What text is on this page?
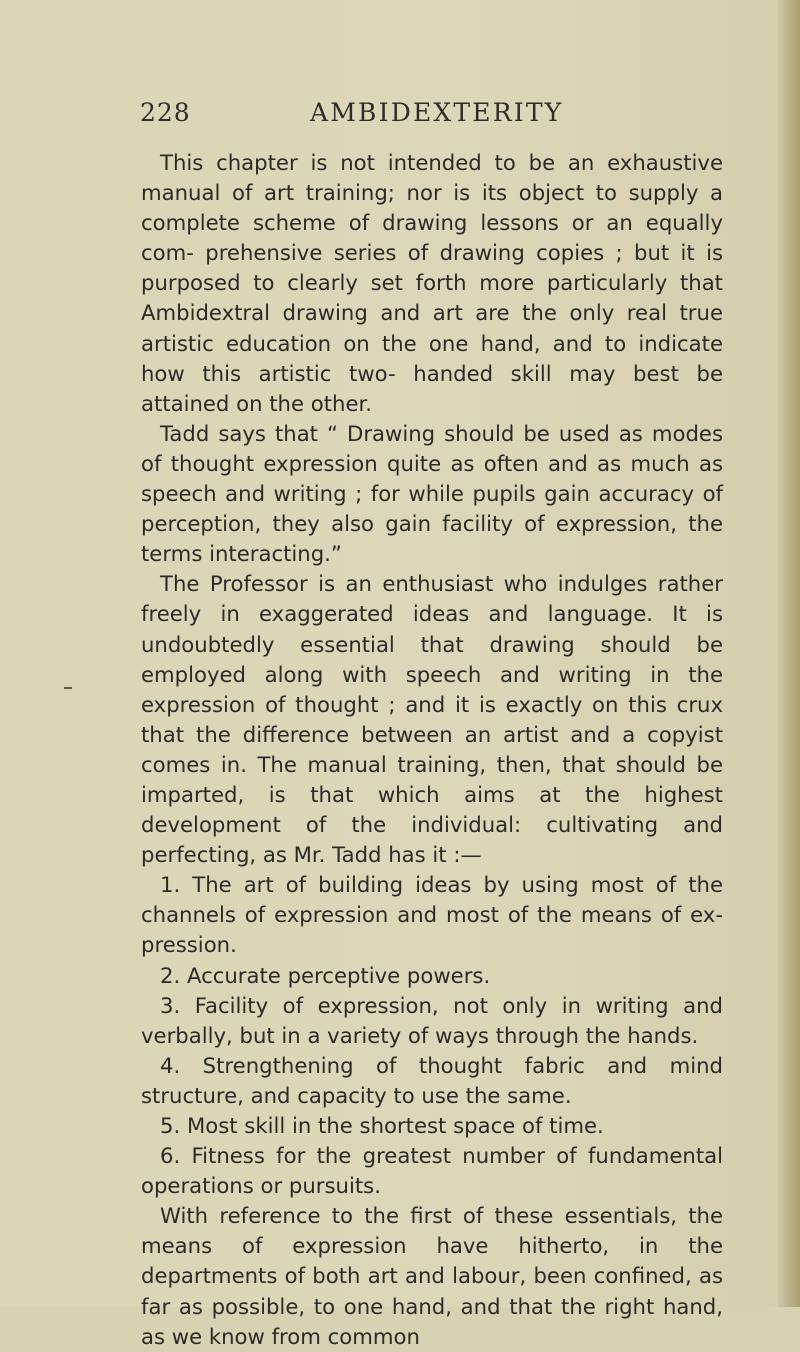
228	AMBIDEXTERITY

This chapter is not intended to be an exhaustive manual of art training; nor is its object to supply a complete scheme of drawing lessons or an equally com- prehensive series of drawing copies ; but it is purposed to clearly set forth more particularly that Ambidextral drawing and art are the only real true artistic education on the one hand, and to indicate how this artistic two- handed skill may best be attained on the other.

Tadd says that “ Drawing should be used as modes of thought expression quite as often and as much as speech and writing ; for while pupils gain accuracy of perception, they also gain facility of expression, the terms interacting.”

The Professor is an enthusiast who indulges rather freely in exaggerated ideas and language. It is undoubtedly essential that drawing should be employed along with speech and writing in the expression of thought ; and it is exactly on this crux that the difference between an artist and a copyist comes in. The manual training, then, that should be imparted, is that which aims at the highest development of the individual: cultivating and perfecting, as Mr. Tadd has it :—

1. The art of building ideas by using most of the channels of expression and most of the means of ex- pression.

2. Accurate perceptive powers.

3. Facility of expression, not only in writing and verbally, but in a variety of ways through the hands.

4. Strengthening of thought fabric and mind structure, and capacity to use the same.

5. Most skill in the shortest space of time.

6. Fitness for the greatest number of fundamental operations or pursuits.

With reference to the first of these essentials, the means of expression have hitherto, in the departments of both art and labour, been confined, as far as possible, to one hand, and that the right hand, as we know from common
